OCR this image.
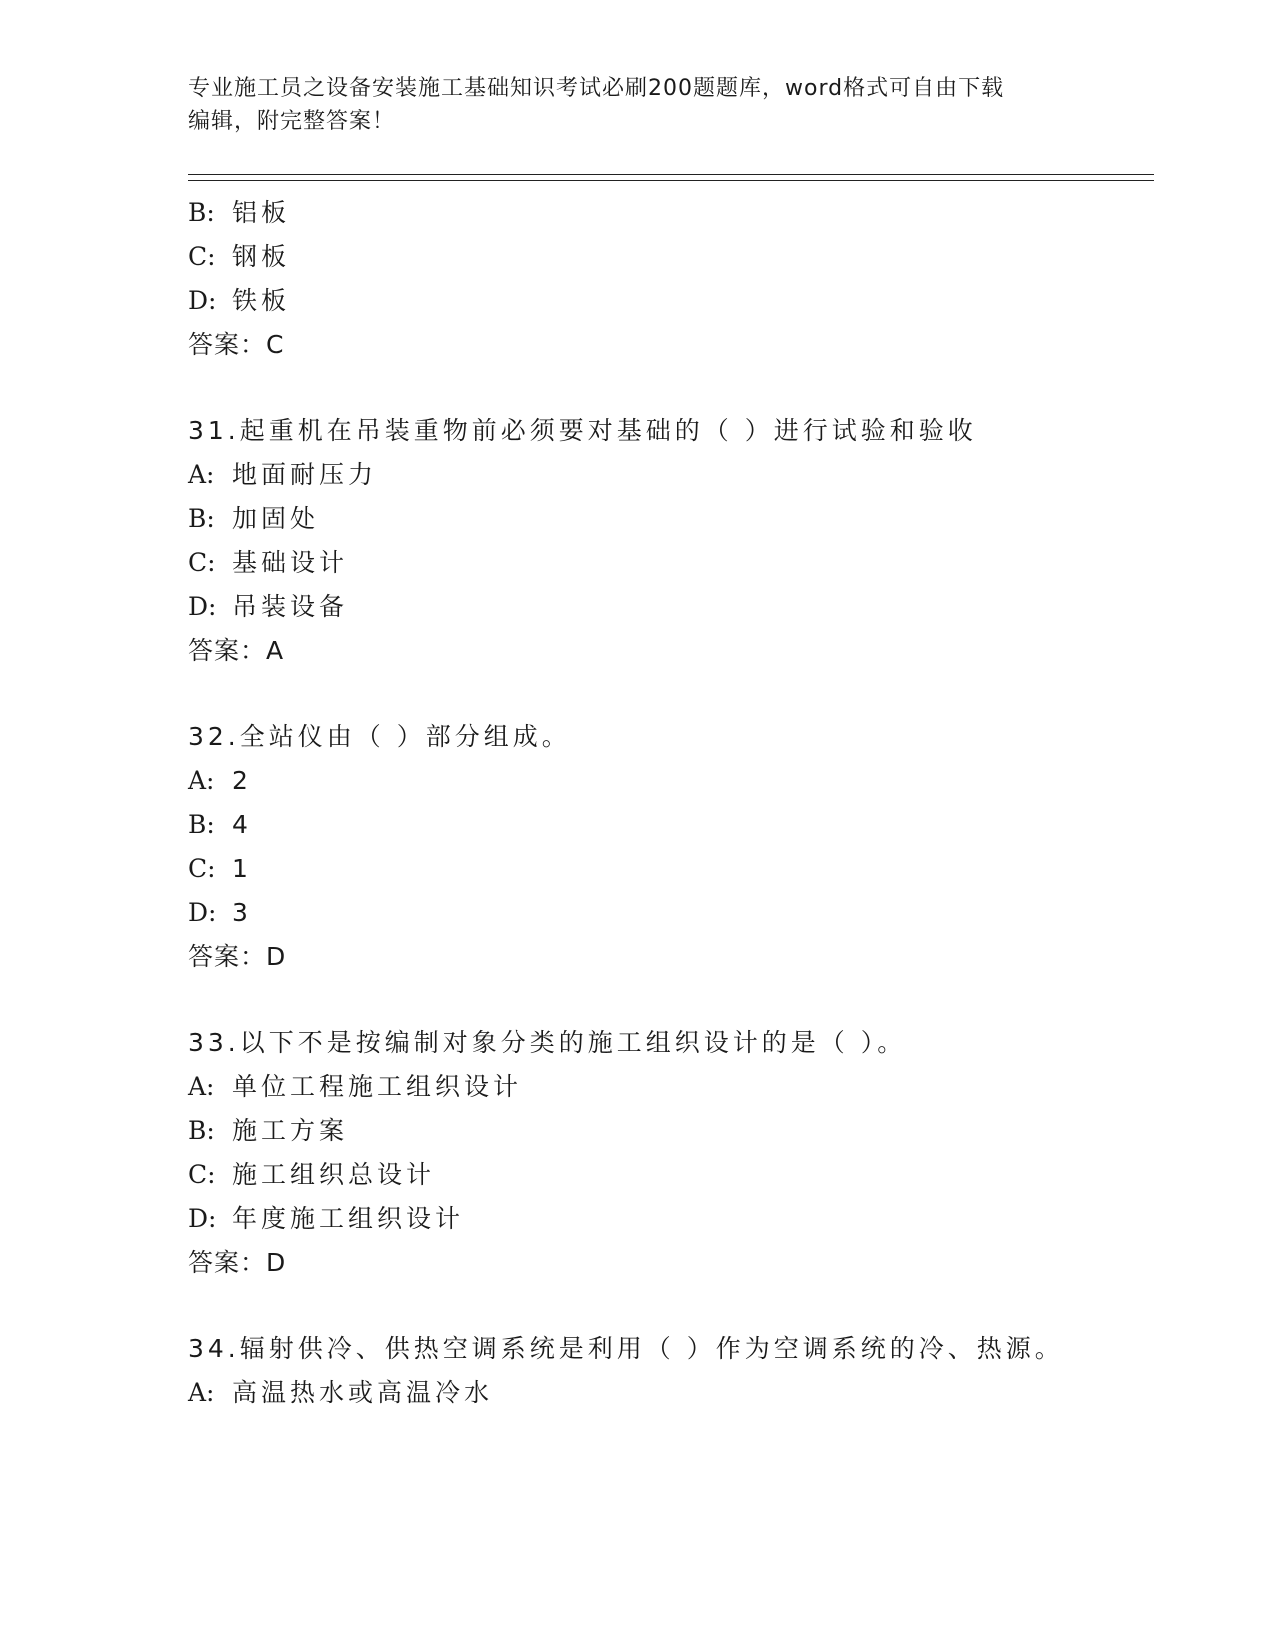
专业施工员之设备安装施工基础知识考试必刷200题题库，word格式可自由下载
编辑，附完整答案！
B: 铝板
C: 钢板
D: 铁板
答案：C
31.起重机在吊装重物前必须要对基础的（ ）进行试验和验收
A: 地面耐压力
B: 加固处
C: 基础设计
D: 吊装设备
答案：A
32.全站仪由（ ）部分组成。
A: 2
B: 4
C: 1
D: 3
答案：D
33.以下不是按编制对象分类的施工组织设计的是（ ）。
A: 单位工程施工组织设计
B: 施工方案
C: 施工组织总设计
D: 年度施工组织设计
答案：D
34.辐射供冷、供热空调系统是利用（ ）作为空调系统的冷、热源。
A: 高温热水或高温冷水
